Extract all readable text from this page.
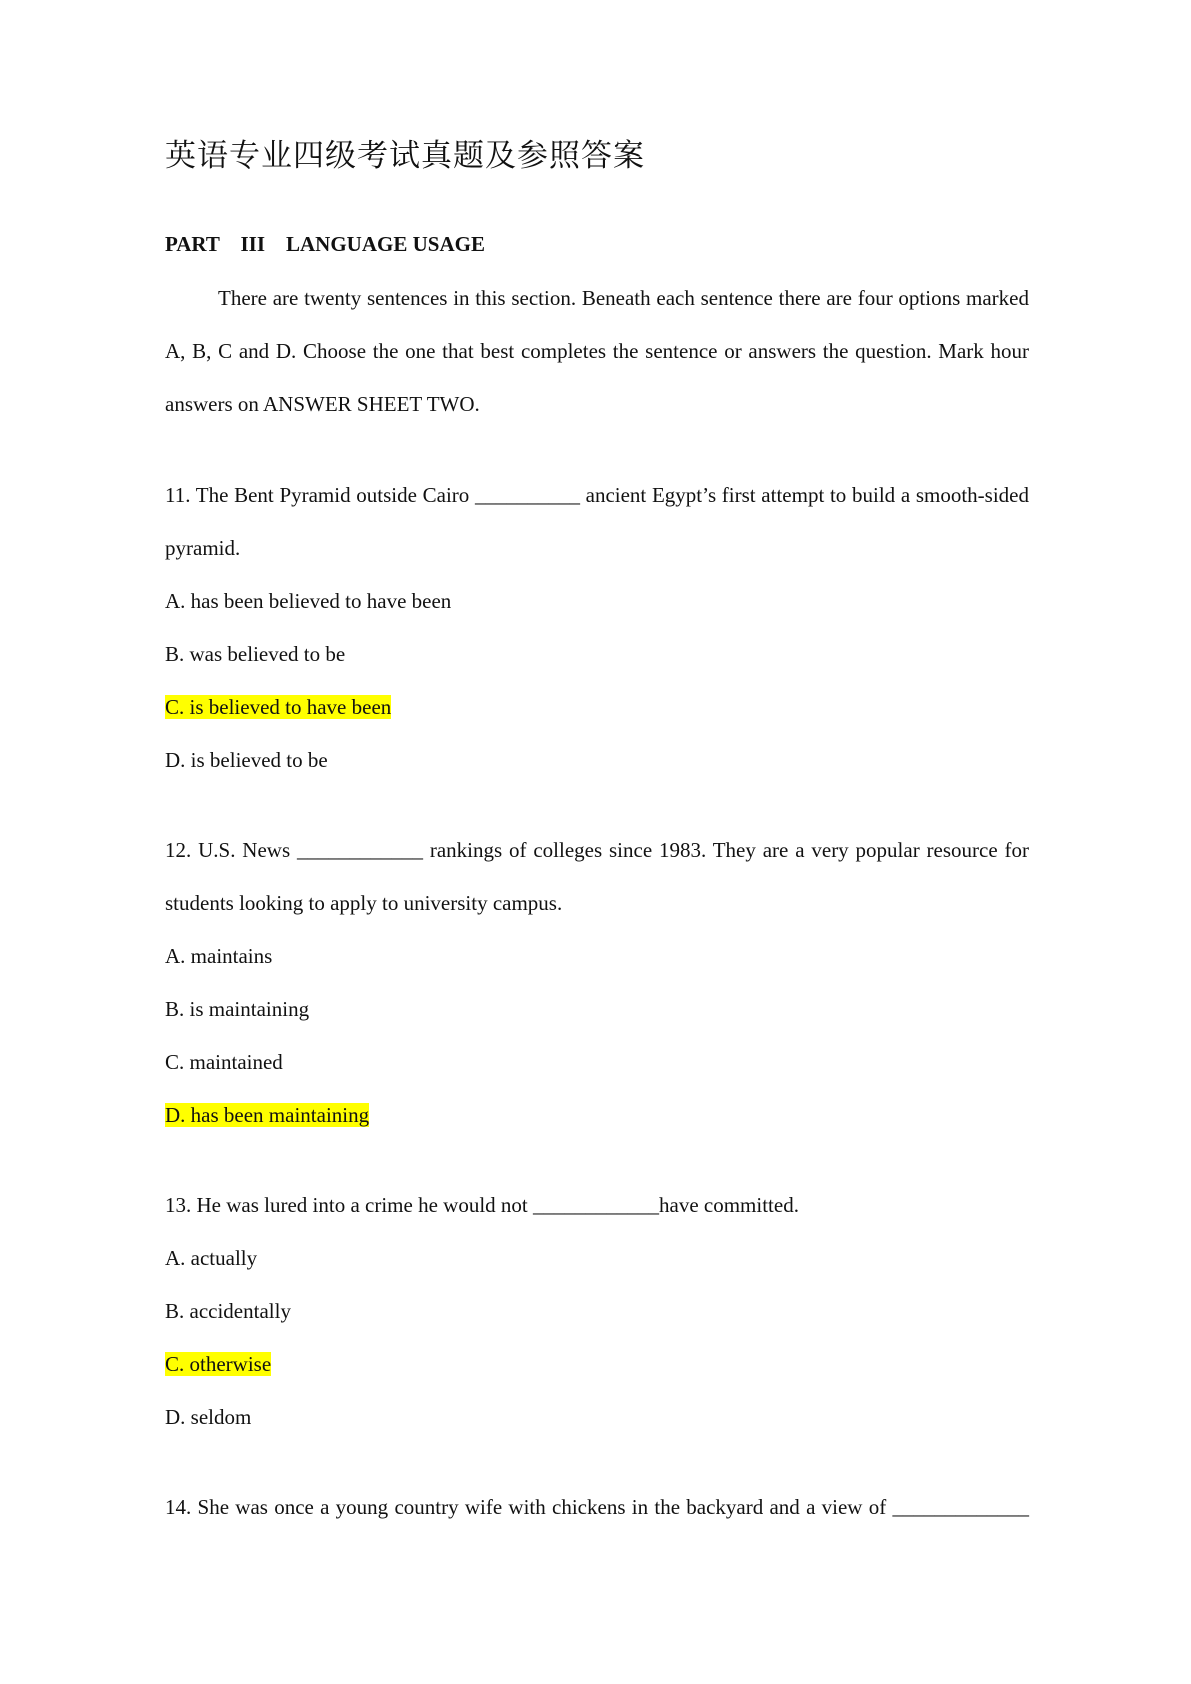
英语专业四级考试真题及参照答案
PART    III    LANGUAGE USAGE
There are twenty sentences in this section. Beneath each sentence there are four options marked
A, B, C and D. Choose the one that best completes the sentence or answers the question. Mark hour
answers on ANSWER SHEET TWO.
11. The Bent Pyramid outside Cairo __________ ancient Egypt’s first attempt to build a smooth-sided
pyramid.
A. has been believed to have been
B. was believed to be
C. is believed to have been
D. is believed to be
12. U.S. News ____________ rankings of colleges since 1983. They are a very popular resource for
students looking to apply to university campus.
A. maintains
B. is maintaining
C. maintained
D. has been maintaining
13. He was lured into a crime he would not ____________have committed.
A. actually
B. accidentally
C. otherwise
D. seldom
14. She was once a young country wife with chickens in the backyard and a view of _____________
